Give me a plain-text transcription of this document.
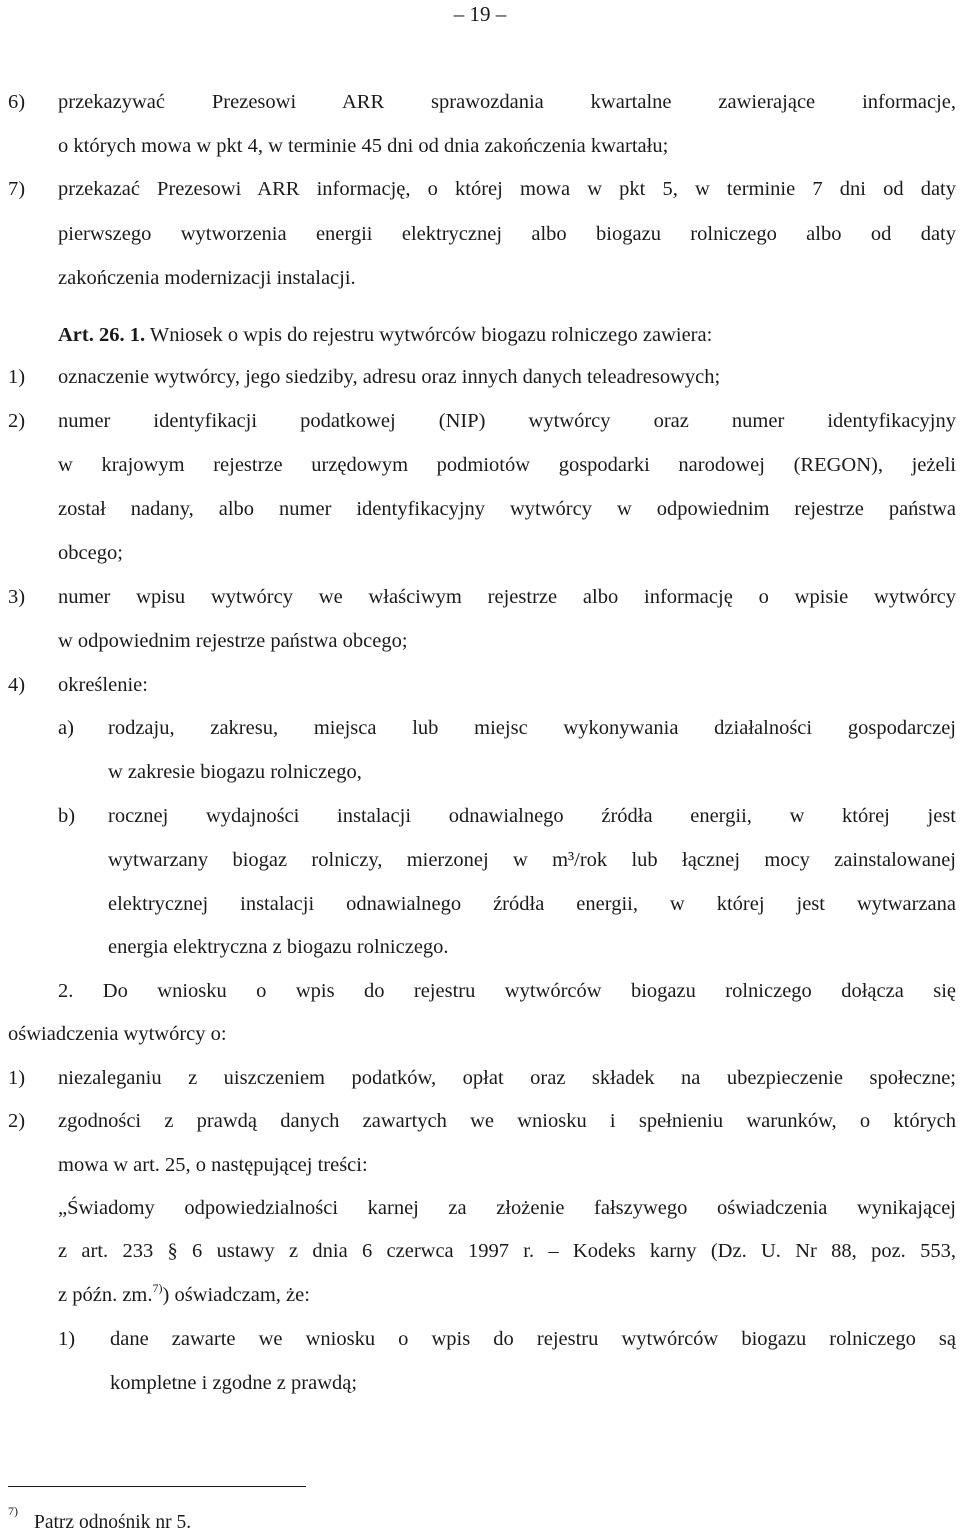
– 19 –
6) przekazywać Prezesowi ARR sprawozdania kwartalne zawierające informacje,
o których mowa w pkt 4, w terminie 45 dni od dnia zakończenia kwartału;
7) przekazać Prezesowi ARR informację, o której mowa w pkt 5, w terminie 7 dni od daty
pierwszego wytworzenia energii elektrycznej albo biogazu rolniczego albo od daty
zakończenia modernizacji instalacji.
Art. 26. 1. Wniosek o wpis do rejestru wytwórców biogazu rolniczego zawiera:
1) oznaczenie wytwórcy, jego siedziby, adresu oraz innych danych teleadresowych;
2) numer identyfikacji podatkowej (NIP) wytwórcy oraz numer identyfikacyjny
w krajowym rejestrze urzędowym podmiotów gospodarki narodowej (REGON), jeżeli
został nadany, albo numer identyfikacyjny wytwórcy w odpowiednim rejestrze państwa
obcego;
3) numer wpisu wytwórcy we właściwym rejestrze albo informację o wpisie wytwórcy
w odpowiednim rejestrze państwa obcego;
4) określenie:
a) rodzaju, zakresu, miejsca lub miejsc wykonywania działalności gospodarczej
w zakresie biogazu rolniczego,
b) rocznej wydajności instalacji odnawialnego źródła energii, w której jest
wytwarzany biogaz rolniczy, mierzonej w m³/rok lub łącznej mocy zainstalowanej
elektrycznej instalacji odnawialnego źródła energii, w której jest wytwarzana
energia elektryczna z biogazu rolniczego.
2. Do wniosku o wpis do rejestru wytwórców biogazu rolniczego dołącza się
oświadczenia wytwórcy o:
1) niezaleganiu z uiszczeniem podatków, opłat oraz składek na ubezpieczenie społeczne;
2) zgodności z prawdą danych zawartych we wniosku i spełnieniu warunków, o których
mowa w art. 25, o następującej treści:
„Świadomy odpowiedzialności karnej za złożenie fałszywego oświadczenia wynikającej
z art. 233 § 6 ustawy z dnia 6 czerwca 1997 r. – Kodeks karny (Dz. U. Nr 88, poz. 553,
z późn. zm.$^{7)}$) oświadczam, że:
1) dane zawarte we wniosku o wpis do rejestru wytwórców biogazu rolniczego są
kompletne i zgodne z prawdą;
7)
Patrz odnośnik nr 5.
